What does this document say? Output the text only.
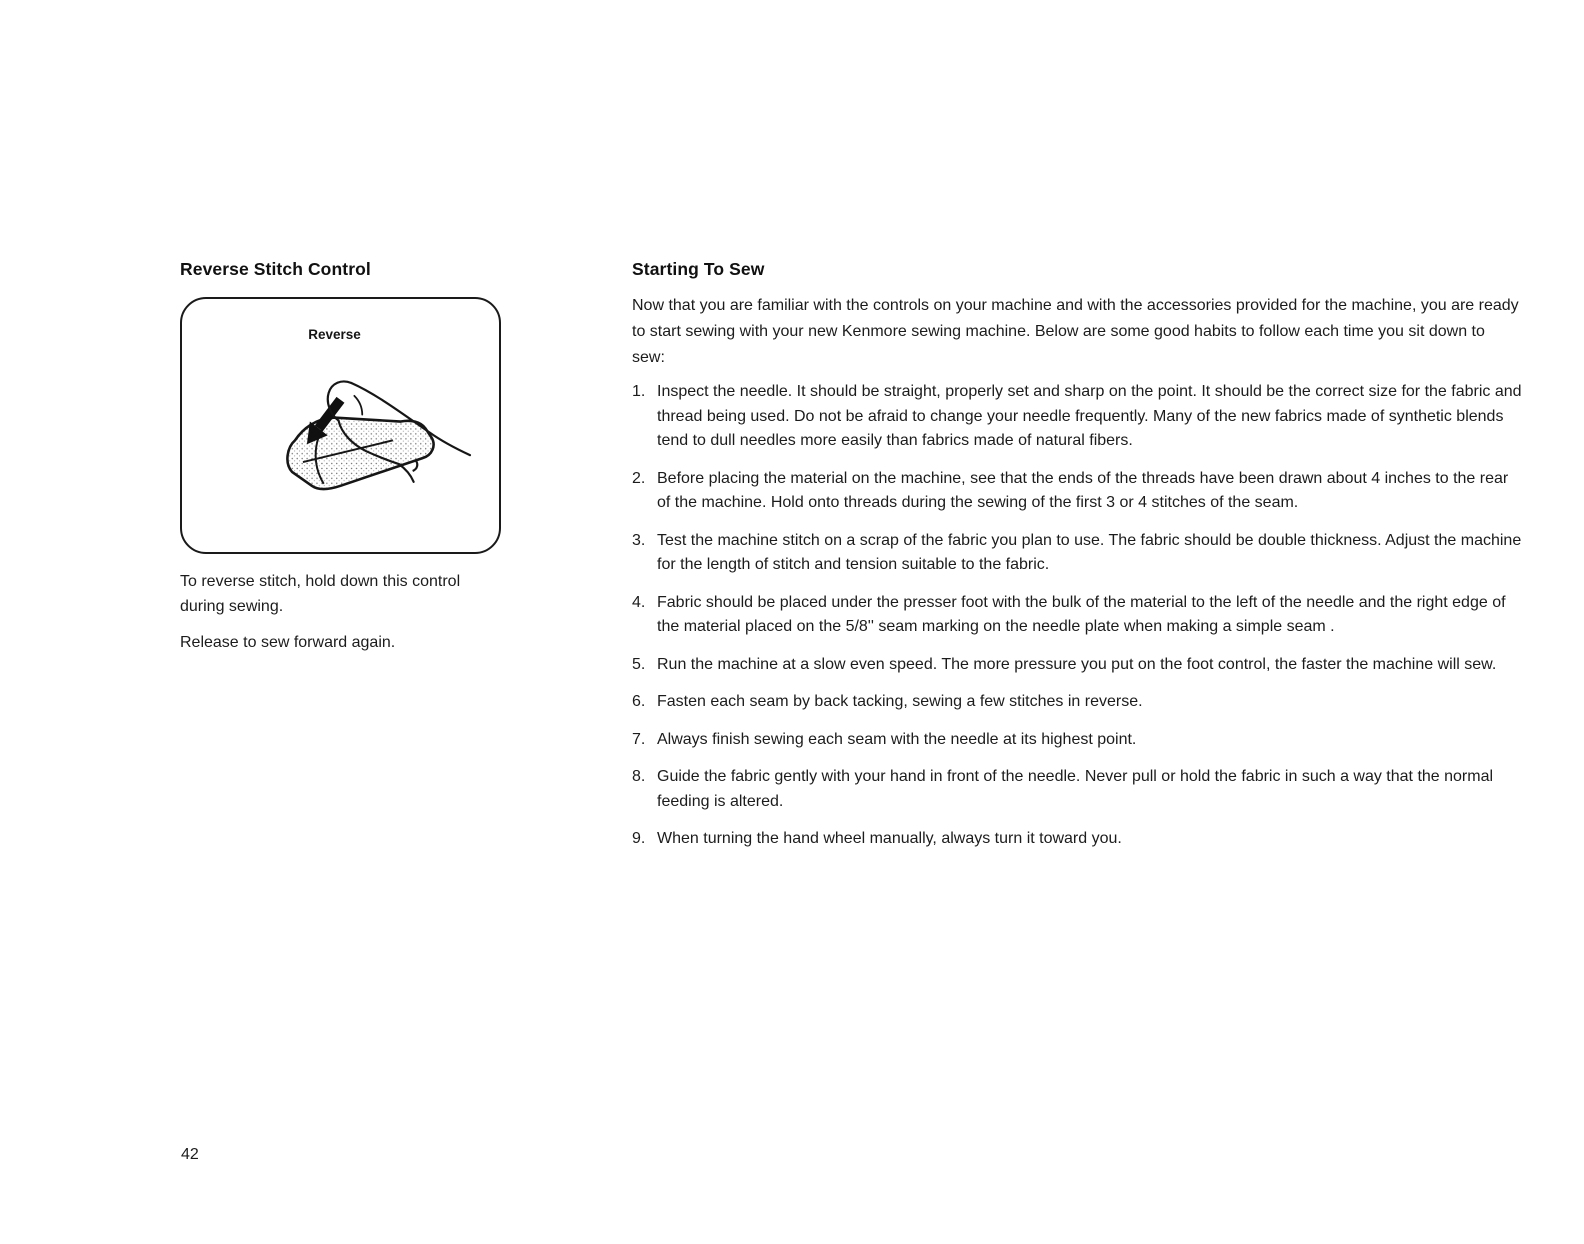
Reverse Stitch Control
Reverse

To reverse stitch, hold down this control during sewing.

Release to sew forward again.

Starting To Sew

Now that you are familiar with the controls on your machine and with the accessories provided for the machine, you are ready to start sewing with your new Kenmore sewing machine. Below are some good habits to follow each time you sit down to sew:

1. Inspect the needle. It should be straight, properly set and sharp on the point. It should be the correct size for the fabric and thread being used. Do not be afraid to change your needle frequently. Many of the new fabrics made of synthetic blends tend to dull needles more easily than fabrics made of natural fibers.
2. Before placing the material on the machine, see that the ends of the threads have been drawn about 4 inches to the rear of the machine. Hold onto threads during the sewing of the first 3 or 4 stitches of the seam.
3. Test the machine stitch on a scrap of the fabric you plan to use. The fabric should be double thickness. Adjust the machine for the length of stitch and tension suitable to the fabric.
4. Fabric should be placed under the presser foot with the bulk of the material to the left of the needle and the right edge of the material placed on the 5/8'' seam marking on the needle plate when making a simple seam .
5. Run the machine at a slow even speed. The more pressure you put on the foot control, the faster the machine will sew.
6. Fasten each seam by back tacking, sewing a few stitches in reverse.
7. Always finish sewing each seam with the needle at its highest point.
8. Guide the fabric gently with your hand in front of the needle. Never pull or hold the fabric in such a way that the normal feeding is altered.
9. When turning the hand wheel manually, always turn it toward you.
42
